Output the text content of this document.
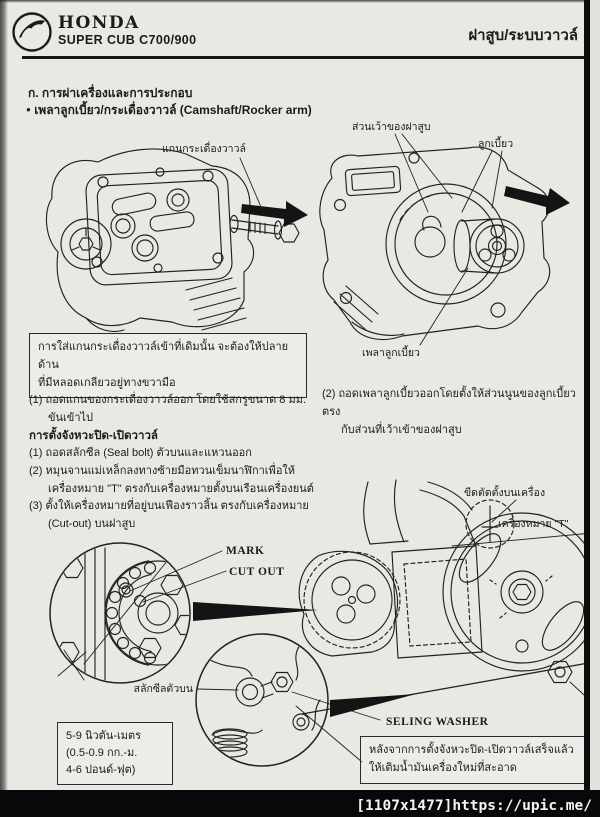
HONDA
SUPER CUB C700/900	ฝาสูบ/ระบบวาวล์
ก. การผ่าเครื่องและการประกอบ
● เพลาลูกเบี้ยว/กระเดื่องวาวล์ (Camshaft/Rocker arm)
แกนกระเดื่องวาวล์
ส่วนเว้าของฝาสูบ
ลูกเบี้ยว
เพลาลูกเบี้ยว
การใส่แกนกระเดื่องวาวล์เข้าที่เดิมนั้น จะต้องให้ปลายด้าน
ที่มีหลอดเกลียวอยู่ทางขวามือ
(1) ถอดแกนของกระเดื่องวาวล์ออก โดยใช้สกรูขนาด 8 มม.
ขันเข้าไป
(2) ถอดเพลาลูกเบี้ยวออกโดยตั้งให้ส่วนนูนของลูกเบี้ยวตรง
กับส่วนที่เว้าเข้าของฝาสูบ
การตั้งจังหวะปิด-เปิดวาวล์
(1) ถอดสลักซีล (Seal bolt) ตัวบนและแหวนออก
(2) หมุนจานแม่เหล็กลงทางซ้ายมือทวนเข็มนาฬิกาเพื่อให้
เครื่องหมาย "T" ตรงกับเครื่องหมายตั้งบนเรือนเครื่องยนต์
(3) ตั้งให้เครื่องหมายที่อยู่บนเฟืองราวลิ้น ตรงกับเครื่องหมาย
(Cut-out) บนฝาสูบ
MARK
CUT OUT
ขีดตัดตั้งบนเครื่อง
เครื่องหมาย "T"
สลักซีลตัวบน
SELING WASHER
5-9 นิวตัน-เมตร
(0.5-0.9 กก.-ม.
4-6 ปอนด์-ฟุต)
หลังจากการตั้งจังหวะปิด-เปิดวาวล์เสร็จแล้ว
ให้เติมน้ำมันเครื่องใหม่ที่สะอาด
[1107x1477]https://upic.me/
